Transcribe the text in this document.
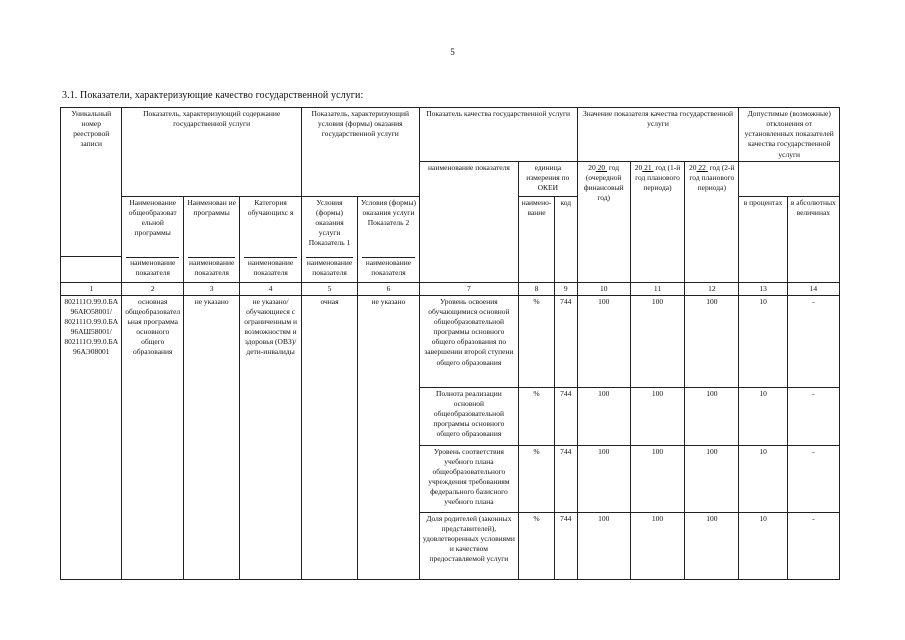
5
3.1. Показатели, характеризующие качество государственной услуги:
Уникальный номер реестровой записи	Показатель, характеризующий содержание государственной услуги			Показатель, характеризующий условия (формы) оказания государственной услуги		Показатель качества государственной услуги			Значение показателя качества государственной услуги			Допустимые (возможные) отклонения от установленных показателей качества государственной услуги	
						наименование показателя	единица измерения по ОКЕИ		20 20 год (очередной финансовый год)	20 21 год (1-й год планового периода)	20 22 год (2-й год планового периода)		
	Наименование общеобразоват ельной программы	Наименован ие программы	Категория обучающихс я	Условия (формы) оказания услуги Показатель 1	Условия (формы) оказания услуги Показатель 2		наимено-вание	код				в процентах	в абсолютных величинах

наименование показателя	наименование показателя	наименование показателя	наименование показателя	наименование показателя								
1	2	3	4	5	6	7	8	9	10	11	12	13	14
802111О.99.0.БА 96АЮ58001/ 802111О.99.0.БА 96АШ58001/ 802111О.99.0.БА 96АЭ08001	основная общеобразовател ьная программа основного общего образования	не указано	не указано/ обучающиеся с ограниченным и возможностям и здоровья (ОВЗ)/ дети-инвалиды	очная	не указано	Уровень освоения обучающимися основной общеобразовательной программы основного общего образования по завершении второй ступени общего образования	%	744	100	100	100	10	-
						Полнота реализации основной общеобразовательной программы основного общего образования	%	744	100	100	100	10	-
						Уровень соответствия учебного плана общеобразовательного учреждения требованиям федерального базисного учебного плана	%	744	100	100	100	10	-
						Доля родителей (законных представителей), удовлетворенных условиями и качеством предоставляемой услуги	%	744	100	100	100	10	-
